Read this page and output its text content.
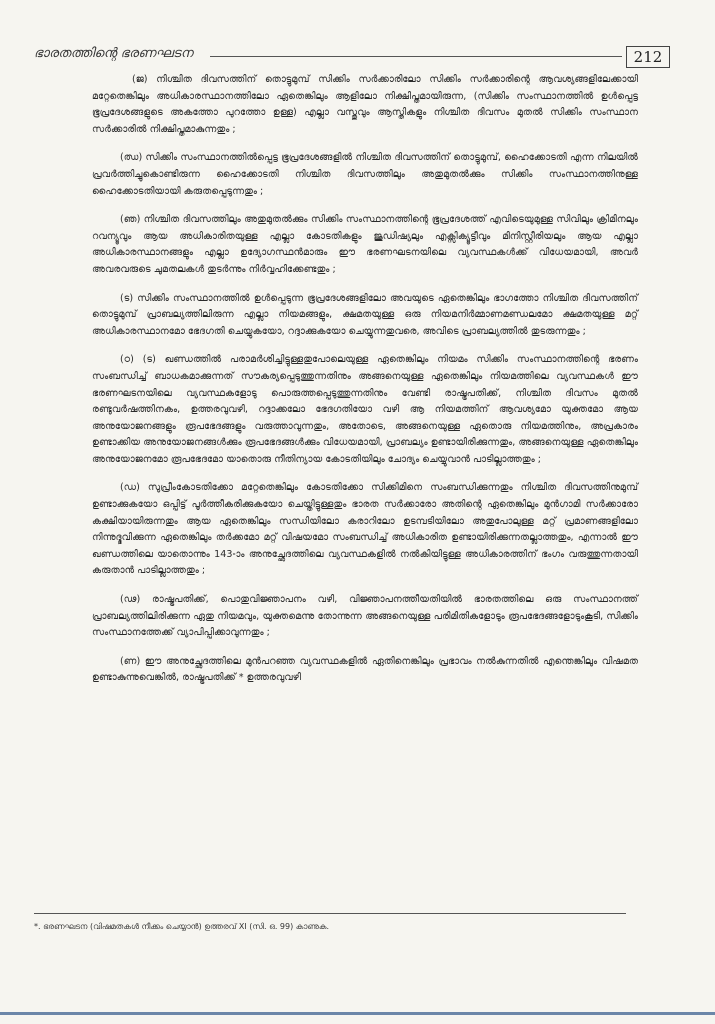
ഭാരതത്തിന്റെ ഭരണഘടന	212

(ജ) നിശ്ചിത ദിവസത്തിന് തൊട്ടുമുമ്പ് സിക്കിം സർക്കാരിലോ സിക്കിം സർക്കാരിന്റെ ആവശ്യങ്ങളിലേക്കായി മറ്റേതെങ്കിലും അധികാരസ്ഥാനത്തിലോ ഏതെങ്കിലും ആളിലോ നിക്ഷിപ്തമായിരുന്ന, (സിക്കിം സംസ്ഥാനത്തിൽ ഉൾപ്പെട്ട ഭൂപ്രദേശങ്ങളുടെ അകത്തോ പുറത്തോ ഉള്ള) എല്ലാ വസ്തുവും ആസ്തികളും നിശ്ചിത ദിവസം മുതൽ സിക്കിം സംസ്ഥാന സർക്കാരിൽ നിക്ഷിപ്തമാകുന്നതും ;

(ഝ) സിക്കിം സംസ്ഥാനത്തിൽപ്പെട്ട ഭൂപ്രദേശങ്ങളിൽ നിശ്ചിത ദിവസത്തിന് തൊട്ടുമുമ്പ്, ഹൈക്കോടതി എന്ന നിലയിൽ പ്രവർത്തിച്ചുകൊണ്ടിരുന്ന ഹൈക്കോടതി നിശ്ചിത ദിവസത്തിലും അതുമുതൽക്കും സിക്കിം സംസ്ഥാനത്തിനുള്ള ഹൈക്കോടതിയായി കരുതപ്പെടുന്നതും ;

(ഞ) നിശ്ചിത ദിവസത്തിലും അതുമുതൽക്കും സിക്കിം സംസ്ഥാനത്തിന്റെ ഭൂപ്രദേശത്ത് എവിടെയുമുള്ള സിവിലും ക്രിമിനലും റവന്യൂവും ആയ അധികാരിതയുള്ള എല്ലാ കോടതികളും ജുഡിഷ്യലും എക്സിക്യൂട്ടീവും മിനിസ്റ്റീരിയലും ആയ എല്ലാ അധികാരസ്ഥാനങ്ങളും എല്ലാ ഉദ്യോഗസ്ഥൻമാരും ഈ ഭരണഘടനയിലെ വ്യവസ്ഥകൾക്ക് വിധേയമായി, അവർ അവരവരുടെ ചുമതലകൾ തുടർന്നും നിർവ്വഹിക്കേണ്ടതും ;

(ട) സിക്കിം സംസ്ഥാനത്തിൽ ഉൾപ്പെടുന്ന ഭൂപ്രദേശങ്ങളിലോ അവയുടെ ഏതെങ്കിലും ഭാഗത്തോ നിശ്ചിത ദിവസത്തിന് തൊട്ടുമുമ്പ് പ്രാബല്യത്തിലിരുന്ന എല്ലാ നിയമങ്ങളും, ക്ഷമതയുള്ള ഒരു നിയമനിർമ്മാണമണ്ഡലമോ ക്ഷമതയുള്ള മറ്റ് അധികാരസ്ഥാനമോ ഭേദഗതി ചെയ്യുകയോ, റദ്ദാക്കുകയോ ചെയ്യുന്നതുവരെ, അവിടെ പ്രാബല്യത്തിൽ തുടരുന്നതും ;

(ഠ) (ട) ഖണ്ഡത്തിൽ പരാമർശിച്ചിട്ടുള്ളതുപോലെയുള്ള ഏതെങ്കിലും നിയമം സിക്കിം സംസ്ഥാനത്തിന്റെ ഭരണം സംബന്ധിച്ച് ബാധകമാക്കുന്നത് സൗകര്യപ്പെടുത്തുന്നതിനും അങ്ങനെയുള്ള ഏതെങ്കിലും നിയമത്തിലെ വ്യവസ്ഥകൾ ഈ ഭരണഘടനയിലെ വ്യവസ്ഥകളോടു പൊരുത്തപ്പെടുത്തുന്നതിനും വേണ്ടി രാഷ്ട്രപതിക്ക്, നിശ്ചിത ദിവസം മുതൽ രണ്ടുവർഷത്തിനകം, ഉത്തരവുവഴി, റദ്ദാക്കലോ ഭേദഗതിയോ വഴി ആ നിയമത്തിന് ആവശ്യമോ യുക്തമോ ആയ അനുയോജനങ്ങളും രൂപഭേദങ്ങളും വരുത്താവുന്നതും, അതോടെ, അങ്ങനെയുള്ള ഏതൊരു നിയമത്തിനും, അപ്രകാരം ഉണ്ടാക്കിയ അനുയോജനങ്ങൾക്കും രൂപഭേദങ്ങൾക്കും വിധേയമായി, പ്രാബല്യം ഉണ്ടായിരിക്കുന്നതും, അങ്ങനെയുള്ള ഏതെങ്കിലും അനുയോജനമോ രൂപഭേദമോ യാതൊരു നീതിന്യായ കോടതിയിലും ചോദ്യം ചെയ്യുവാൻ പാടില്ലാത്തതും ;

(ഡ) സുപ്രീംകോടതിക്കോ മറ്റേതെങ്കിലും കോടതിക്കോ സിക്കിമിനെ സംബന്ധിക്കുന്നതും നിശ്ചിത ദിവസത്തിനുമുമ്പ് ഉണ്ടാക്കുകയോ ഒപ്പിട്ട് പൂർത്തീകരിക്കുകയോ ചെയ്തിട്ടുള്ളതും ഭാരത സർക്കാരോ അതിന്റെ ഏതെങ്കിലും മുൻഗാമി സർക്കാരോ കക്ഷിയായിരുന്നതും ആയ ഏതെങ്കിലും സന്ധിയിലോ കരാറിലോ ഉടമ്പടിയിലോ അതുപോലുള്ള മറ്റ് പ്രമാണങ്ങളിലോ നിന്നുദ്ഭവിക്കുന്ന ഏതെങ്കിലും തർക്കമോ മറ്റ് വിഷയമോ സംബന്ധിച്ച് അധികാരിത ഉണ്ടായിരിക്കുന്നതല്ലാത്തതും, എന്നാൽ ഈ ഖണ്ഡത്തിലെ യാതൊന്നും 143-ാം അനുച്ഛേദത്തിലെ വ്യവസ്ഥകളിൽ നൽകിയിട്ടുള്ള അധികാരത്തിന് ഭംഗം വരുത്തുന്നതായി കരുതാൻ പാടില്ലാത്തതും ;

(ഢ) രാഷ്ട്രപതിക്ക്, പൊതുവിജ്ഞാപനം വഴി, വിജ്ഞാപനത്തീയതിയിൽ ഭാരതത്തിലെ ഒരു സംസ്ഥാനത്ത് പ്രാബല്യത്തിലിരിക്കുന്ന ഏതു നിയമവും, യുക്തമെന്നു തോന്നുന്ന അങ്ങനെയുള്ള പരിമിതികളോടും രൂപഭേദങ്ങളോടുംകൂടി, സിക്കിം സംസ്ഥാനത്തേക്ക് വ്യാപിപ്പിക്കാവുന്നതും ;

(ണ) ഈ അനുച്ഛേദത്തിലെ മുൻപറഞ്ഞ വ്യവസ്ഥകളിൽ ഏതിനെങ്കിലും പ്രഭാവം നൽകുന്നതിൽ എന്തെങ്കിലും വിഷമത ഉണ്ടാകുന്നുവെങ്കിൽ, രാഷ്ട്രപതിക്ക് * ഉത്തരവുവഴി

*. ഭരണഘടന (വിഷമതകൾ നീക്കം ചെയ്യാൻ) ഉത്തരവ് XI (സി. ഒ. 99) കാണുക.
